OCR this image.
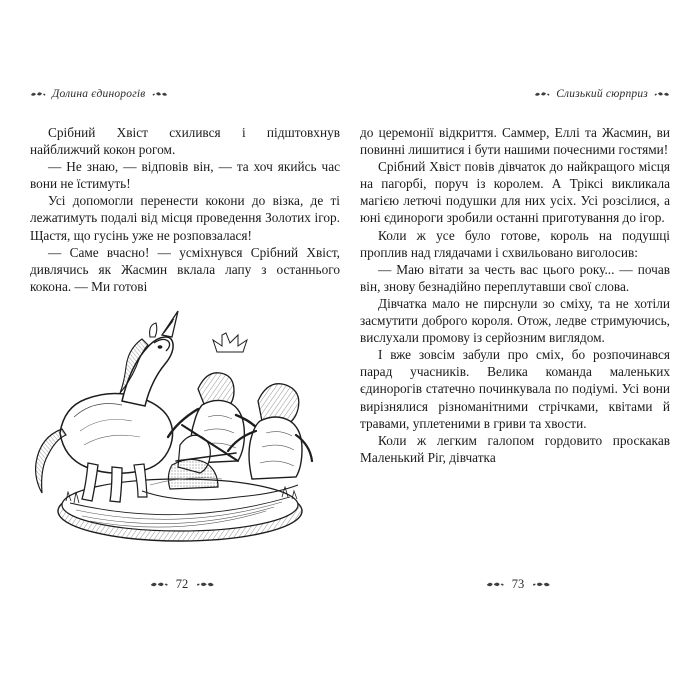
Долина єдинорогів

Срібний Хвіст схилився і підштовхнув найближчий кокон рогом.

— Не знаю, — відповів він, — та хоч якийсь час вони не їстимуть!

Усі допомогли перенести кокони до візка, де ті лежатимуть подалі від місця проведення Золотих ігор. Щастя, що гусінь уже не розповзалася!

— Саме вчасно! — усміхнувся Срібний Хвіст, дивлячись як Жасмин вклала лапу з останнього кокона. — Ми готові

72
Слизький сюрприз

до церемонії відкриття. Саммер, Еллі та Жасмин, ви повинні лишитися і бути нашими почесними гостями!

Срібний Хвіст повів дівчаток до найкращого місця на пагорбі, поруч із королем. А Тріксі викликала магією летючі подушки для них усіх. Усі розсілися, а юні єдинороги зробили останні приготування до ігор.

Коли ж усе було готове, король на подушці проплив над глядачами і схвильовано виголосив:

— Маю вітати за честь вас цього року... — почав він, знову безнадійно переплутавши свої слова.

Дівчатка мало не пирснули зо сміху, та не хотіли засмутити доброго короля. Отож, ледве стримуючись, вислухали промову із серйозним виглядом.

І вже зовсім забули про сміх, бо розпочинався парад учасників. Велика команда маленьких єдинорогів статечно починкувала по подіумі. Усі вони вирізнялися різноманітними стрічками, квітами й травами, уплетеними в гриви та хвости.

Коли ж легким галопом гордовито проскакав Маленький Ріг, дівчатка

73
